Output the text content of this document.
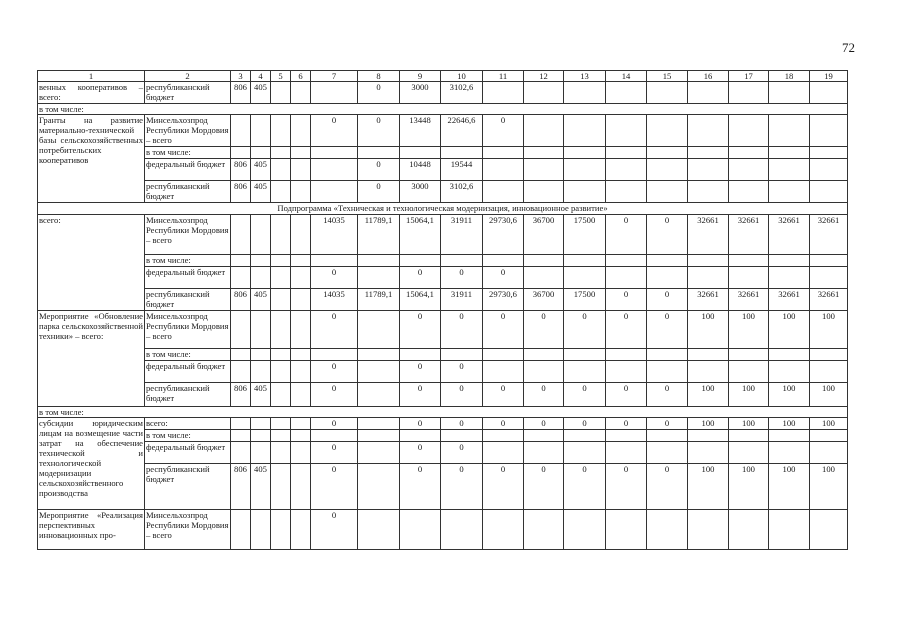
72
1	2	3	4	5	6	7	8	9	10	11	12	13	14	15	16	17	18	19
венных кооперативов – всего:	республиканский бюджет	806	405				0	3000	3102,6									
в том числе:																		
Гранты на развитие материально-технической базы сельскохозяйственных потребительских кооперативов	Минсельхозпрод Республики Мордовия – всего					0	0	13448	22646,6	0								
	в том числе:																	
	федеральный бюджет	806	405				0	10448	19544									
	республиканский бюджет	806	405				0	3000	3102,6									
Подпрограмма «Техническая и технологическая модернизация, инновационное развитие»																		
всего:	Минсельхозпрод Республики Мордовия – всего					14035	11789,1	15064,1	31911	29730,6	36700	17500	0	0	32661	32661	32661	32661
	в том числе:																	
	федеральный бюджет					0		0	0	0								
	республиканский бюджет	806	405			14035	11789,1	15064,1	31911	29730,6	36700	17500	0	0	32661	32661	32661	32661
Мероприятие «Обновление парка сельскохозяйственной техники» – всего:	Минсельхозпрод Республики Мордовия – всего					0		0	0	0	0	0	0	0	100	100	100	100
	в том числе:																	
	федеральный бюджет					0		0	0									
	республиканский бюджет	806	405			0		0	0	0	0	0	0	0	100	100	100	100
в том числе:																		
субсидии юридическим лицам на возмещение части затрат на обеспечение технической и технологической модернизации сельскохозяйственного производства	всего:					0		0	0	0	0	0	0	0	100	100	100	100
	в том числе:																	
	федеральный бюджет					0		0	0									
	республиканский бюджет	806	405			0		0	0	0	0	0	0	0	100	100	100	100
Мероприятие «Реализация перспективных инновационных про-	Минсельхозпрод Республики Мордовия – всего					0												
